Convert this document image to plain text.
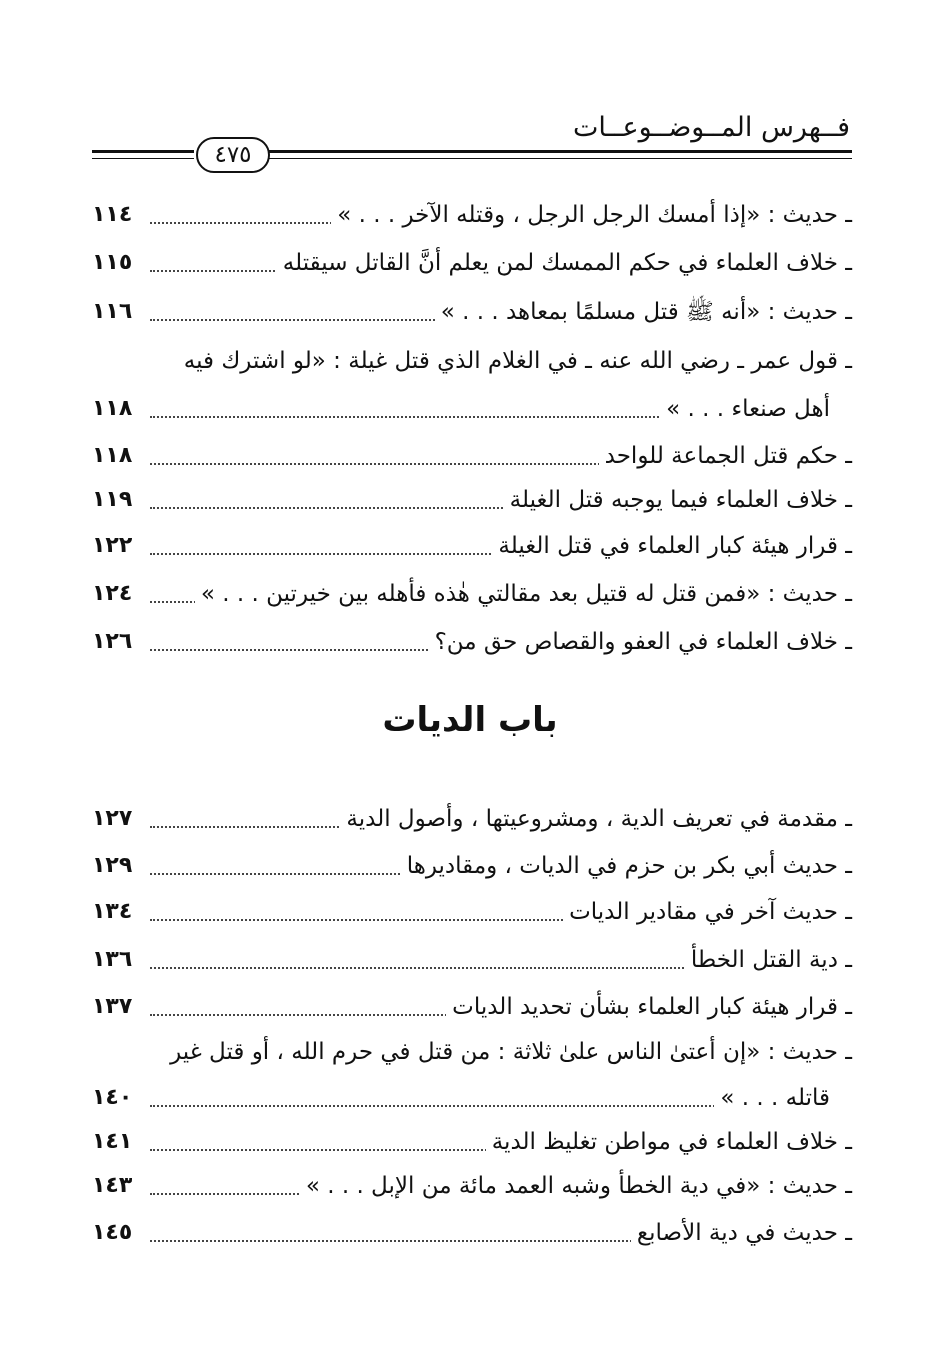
فــهرس المــوضــوعــات
٤٧٥
١١٤	ـ حديث : «إذا أمسك الرجل الرجل ، وقتله الآخر . . . »
١١٥	ـ خلاف العلماء في حكم الممسك لمن يعلم أنَّ القاتل سيقتله
١١٦	ـ حديث : «أنه ﷺ قتل مسلمًا بمعاهد . . . »
ـ قول عمر ـ رضي الله عنه ـ في الغلام الذي قتل غيلة : «لو اشترك فيه
١١٨	أهل صنعاء . . . »
١١٨	ـ حكم قتل الجماعة للواحد
١١٩	ـ خلاف العلماء فيما يوجبه قتل الغيلة
١٢٢	ـ قرار هيئة كبار العلماء في قتل الغيلة
١٢٤	ـ حديث : «فمن قتل له قتيل بعد مقالتي هٰذه فأهله بين خيرتين . . . »
١٢٦	ـ خلاف العلماء في العفو والقصاص حق من؟
باب الديات
١٢٧	ـ مقدمة في تعريف الدية ، ومشروعيتها ، وأصول الدية
١٢٩	ـ حديث أبي بكر بن حزم في الديات ، ومقاديرها
١٣٤	ـ حديث آخر في مقادير الديات
١٣٦	ـ دية القتل الخطأ
١٣٧	ـ قرار هيئة كبار العلماء بشأن تحديد الديات
ـ حديث : «إن أعتىٰ الناس علىٰ ثلاثة : من قتل في حرم الله ، أو قتل غير
١٤٠	قاتله . . . »
١٤١	ـ خلاف العلماء في مواطن تغليظ الدية
١٤٣	ـ حديث : «في دية الخطأ وشبه العمد مائة من الإبل . . . »
١٤٥	ـ حديث في دية الأصابع
